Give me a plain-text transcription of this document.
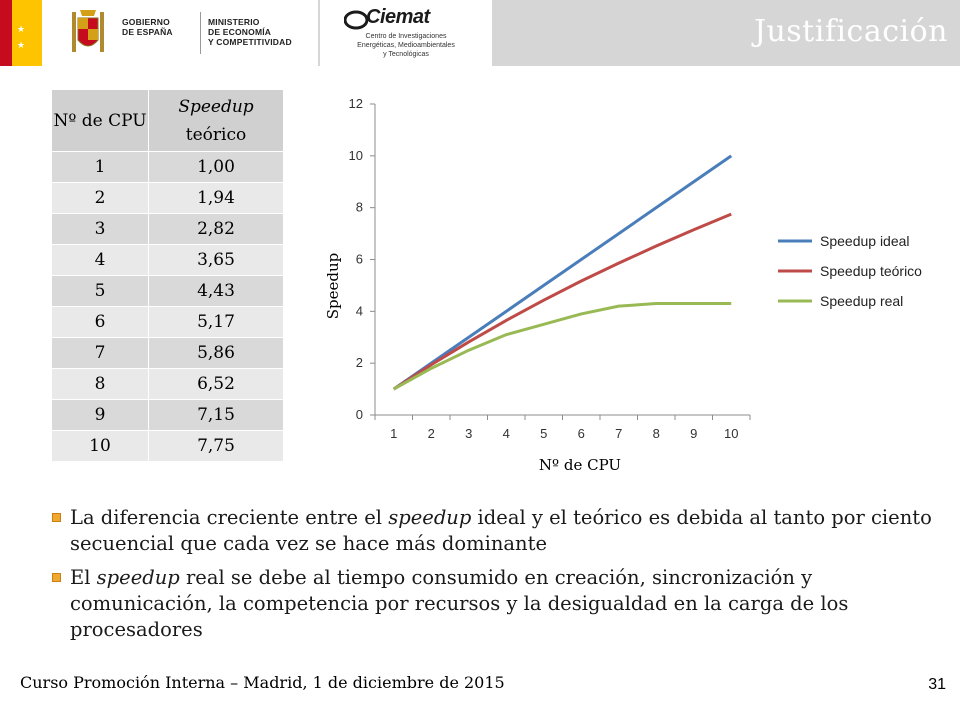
★
★
GOBIERNO
DE ESPAÑA
MINISTERIO
DE ECONOMÍA
Y COMPETITIVIDAD
Ciemat
Centro de Investigaciones
Energéticas, Medioambientales
y Tecnológicas
Justificación
Nº de CPU	Speedup
teórico
1	1,00
2	1,94
3	2,82
4	3,65
5	4,43
6	5,17
7	5,86
8	6,52
9	7,15
10	7,75
0
2
4
6
8
10
12
1 2 3 4 5 6 7 8 9 10
Nº de CPU
Speedup
Speedup ideal
Speedup teórico
Speedup real
La diferencia creciente entre el speedup ideal y el teórico es debida al tanto por ciento secuencial que cada vez se hace más dominante
El speedup real se debe al tiempo consumido en creación, sincronización y comunicación, la competencia por recursos y la desigualdad en la carga de los procesadores
Curso Promoción Interna – Madrid, 1 de diciembre de 2015	31
